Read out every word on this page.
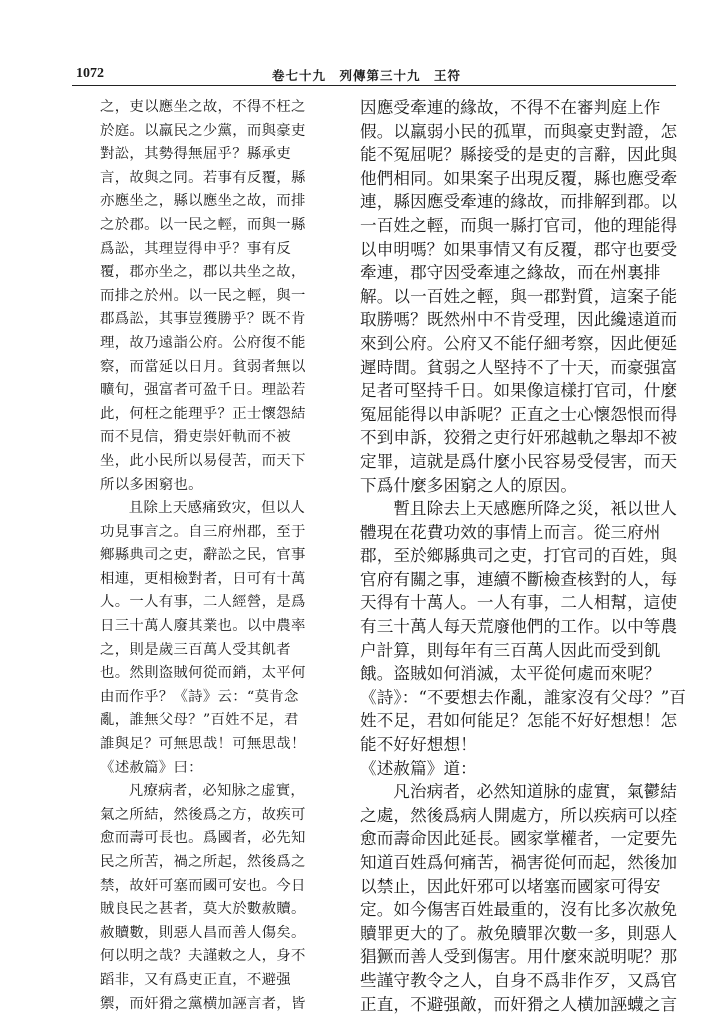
1072	卷七十九　列傳第三十九　王符
之，吏以應坐之故，不得不枉之
於庭。以羸民之少黨，而與豪吏
對訟，其勢得無屈乎？縣承吏
言，故與之同。若事有反覆，縣
亦應坐之，縣以應坐之故，而排
之於郡。以一民之輕，而與一縣
爲訟，其理豈得申乎？事有反
覆，郡亦坐之，郡以共坐之故，
而排之於州。以一民之輕，與一
郡爲訟，其事豈獲勝乎？既不肯
理，故乃遠詣公府。公府復不能
察，而當延以日月。貧弱者無以
曠旬，强富者可盈千日。理訟若
此，何枉之能理乎？正士懷怨結
而不見信，猾吏崇奸軌而不被
坐，此小民所以易侵苦，而天下
所以多困窮也。
且除上天感痛致灾，但以人
功見事言之。自三府州郡，至于
鄉縣典司之吏，辭訟之民，官事
相連，更相檢對者，日可有十萬
人。一人有事，二人經營，是爲
日三十萬人廢其業也。以中農率
之，則是歲三百萬人受其飢者
也。然則盗賊何從而銷，太平何
由而作乎？《詩》云：“莫肯念
亂，誰無父母？”百姓不足，君
誰與足？可無思哉！可無思哉！
《述赦篇》曰：
凡療病者，必知脉之虚實，
氣之所結，然後爲之方，故疾可
愈而壽可長也。爲國者，必先知
民之所苦，禍之所起，然後爲之
禁，故奸可塞而國可安也。今日
賊良民之甚者，莫大於數赦贖。
赦贖數，則惡人昌而善人傷矣。
何以明之哉？夫謹敕之人，身不
蹈非，又有爲吏正直，不避强
禦，而奸猾之黨横加誣言者，皆
因應受牽連的緣故，不得不在審判庭上作
假。以羸弱小民的孤單，而與豪吏對證，怎
能不冤屈呢？縣接受的是吏的言辭，因此與
他們相同。如果案子出現反覆，縣也應受牽
連，縣因應受牽連的緣故，而排解到郡。以
一百姓之輕，而與一縣打官司，他的理能得
以申明嗎？如果事情又有反覆，郡守也要受
牽連，郡守因受牽連之緣故，而在州裏排
解。以一百姓之輕，與一郡對質，這案子能
取勝嗎？既然州中不肯受理，因此纔遠道而
來到公府。公府又不能仔細考察，因此便延
遲時間。貧弱之人堅持不了十天，而豪强富
足者可堅持千日。如果像這樣打官司，什麼
冤屈能得以申訴呢？正直之士心懷怨恨而得
不到申訴，狡猾之吏行奸邪越軌之舉却不被
定罪，這就是爲什麼小民容易受侵害，而天
下爲什麼多困窮之人的原因。
暫且除去上天感應所降之災，衹以世人
體現在花費功效的事情上而言。從三府州
郡，至於鄉縣典司之吏，打官司的百姓，與
官府有關之事，連續不斷檢查核對的人，每
天得有十萬人。一人有事，二人相幫，這使
有三十萬人每天荒廢他們的工作。以中等農
户計算，則每年有三百萬人因此而受到飢
餓。盗賊如何消滅，太平從何處而來呢？
《詩》：“不要想去作亂，誰家沒有父母？”百
姓不足，君如何能足？怎能不好好想想！怎
能不好好想想！
《述赦篇》道：
凡治病者，必然知道脉的虚實，氣鬱結
之處，然後爲病人開處方，所以疾病可以痊
愈而壽命因此延長。國家掌權者，一定要先
知道百姓爲何痛苦，禍害從何而起，然後加
以禁止，因此奸邪可以堵塞而國家可得安
定。如今傷害百姓最重的，沒有比多次赦免
贖罪更大的了。赦免贖罪次數一多，則惡人
猖獗而善人受到傷害。用什麼來説明呢？那
些謹守教令之人，自身不爲非作歹，又爲官
正直，不避强敵，而奸猾之人横加誣蠛之言
